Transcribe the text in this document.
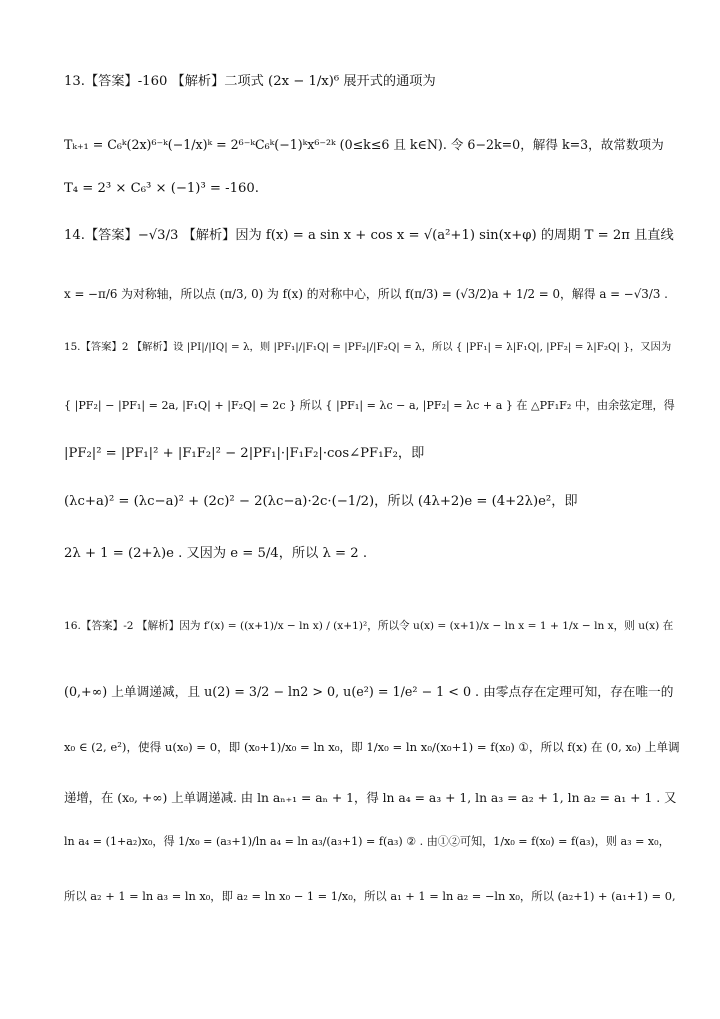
13.【答案】-160 【解析】二项式 (2x − 1/x)⁶ 展开式的通项为
Tₖ₊₁ = C₆ᵏ(2x)⁶⁻ᵏ(−1/x)ᵏ = 2⁶⁻ᵏC₆ᵏ(−1)ᵏx⁶⁻²ᵏ (0≤k≤6 且 k∈N). 令 6−2k=0，解得 k=3，故常数项为
T₄ = 2³ × C₆³ × (−1)³ = -160.
14.【答案】−√3/3 【解析】因为 f(x) = a sin x + cos x = √(a²+1) sin(x+φ) 的周期 T = 2π 且直线
x = −π/6 为对称轴，所以点 (π/3, 0) 为 f(x) 的对称中心，所以 f(π/3) = (√3/2)a + 1/2 = 0，解得 a = −√3/3 .
15.【答案】2 【解析】设 |PI|/|IQ| = λ，则 |PF₁|/|F₁Q| = |PF₂|/|F₂Q| = λ，所以 { |PF₁| = λ|F₁Q|, |PF₂| = λ|F₂Q| }，又因为
{ |PF₂| − |PF₁| = 2a, |F₁Q| + |F₂Q| = 2c } 所以 { |PF₁| = λc − a, |PF₂| = λc + a } 在 △PF₁F₂ 中，由余弦定理，得
|PF₂|² = |PF₁|² + |F₁F₂|² − 2|PF₁|·|F₁F₂|·cos∠PF₁F₂，即
(λc+a)² = (λc−a)² + (2c)² − 2(λc−a)·2c·(−1/2)，所以 (4λ+2)e = (4+2λ)e²，即
2λ + 1 = (2+λ)e . 又因为 e = 5/4，所以 λ = 2 .
16.【答案】-2 【解析】因为 f′(x) = ((x+1)/x − ln x) / (x+1)²，所以令 u(x) = (x+1)/x − ln x = 1 + 1/x − ln x，则 u(x) 在
(0,+∞) 上单调递减，且 u(2) = 3/2 − ln2 > 0, u(e²) = 1/e² − 1 < 0 . 由零点存在定理可知，存在唯一的
x₀ ∈ (2, e²)，使得 u(x₀) = 0，即 (x₀+1)/x₀ = ln x₀，即 1/x₀ = ln x₀/(x₀+1) = f(x₀) ①，所以 f(x) 在 (0, x₀) 上单调
递增，在 (x₀, +∞) 上单调递减. 由 ln aₙ₊₁ = aₙ + 1，得 ln a₄ = a₃ + 1, ln a₃ = a₂ + 1, ln a₂ = a₁ + 1 . 又
ln a₄ = (1+a₂)x₀，得 1/x₀ = (a₃+1)/ln a₄ = ln a₃/(a₃+1) = f(a₃) ② . 由①②可知，1/x₀ = f(x₀) = f(a₃)，则 a₃ = x₀，
所以 a₂ + 1 = ln a₃ = ln x₀，即 a₂ = ln x₀ − 1 = 1/x₀，所以 a₁ + 1 = ln a₂ = −ln x₀，所以 (a₂+1) + (a₁+1) = 0,
